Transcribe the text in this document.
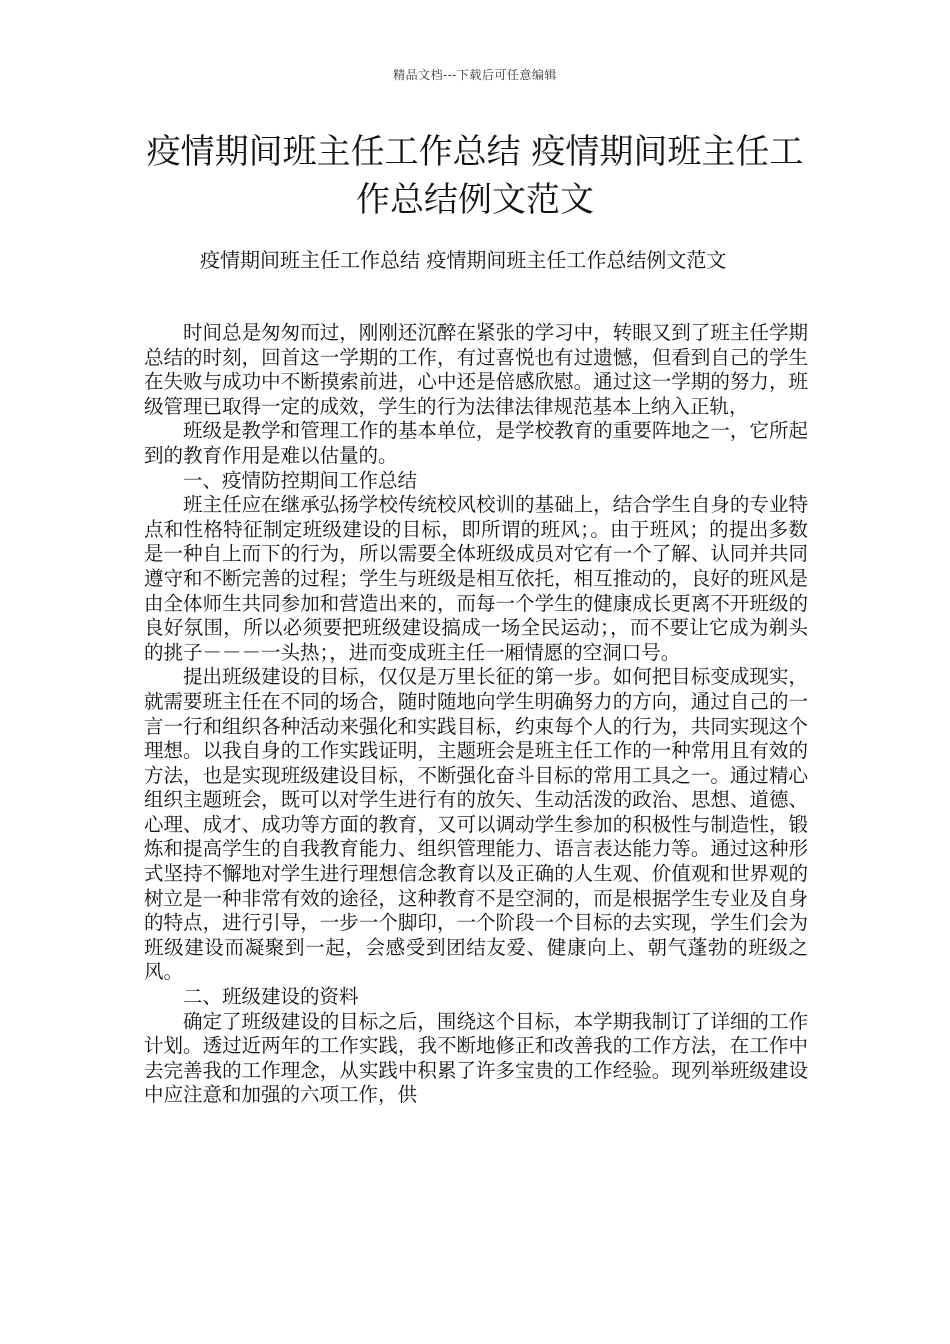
精品文档---下载后可任意编辑
疫情期间班主任工作总结 疫情期间班主任工作总结例文范文

疫情期间班主任工作总结 疫情期间班主任工作总结例文范文

时间总是匆匆而过，刚刚还沉醉在紧张的学习中，转眼又到了班主任学期总结的时刻，回首这一学期的工作，有过喜悦也有过遗憾，但看到自己的学生在失败与成功中不断摸索前进，心中还是倍感欣慰。通过这一学期的努力，班级管理已取得一定的成效，学生的行为法律法律规范基本上纳入正轨，

班级是教学和管理工作的基本单位，是学校教育的重要阵地之一，它所起到的教育作用是难以估量的。

一、疫情防控期间工作总结

班主任应在继承弘扬学校传统校风校训的基础上，结合学生自身的专业特点和性格特征制定班级建设的目标，即所谓的班风；。由于班风；的提出多数是一种自上而下的行为，所以需要全体班级成员对它有一个了解、认同并共同遵守和不断完善的过程；学生与班级是相互依托，相互推动的，良好的班风是由全体师生共同参加和营造出来的，而每一个学生的健康成长更离不开班级的良好氛围，所以必须要把班级建设搞成一场全民运动；，而不要让它成为剃头的挑子－－－一头热；，进而变成班主任一厢情愿的空洞口号。

提出班级建设的目标，仅仅是万里长征的第一步。如何把目标变成现实，就需要班主任在不同的场合，随时随地向学生明确努力的方向，通过自己的一言一行和组织各种活动来强化和实践目标，约束每个人的行为，共同实现这个理想。以我自身的工作实践证明，主题班会是班主任工作的一种常用且有效的方法，也是实现班级建设目标，不断强化奋斗目标的常用工具之一。通过精心组织主题班会，既可以对学生进行有的放矢、生动活泼的政治、思想、道德、心理、成才、成功等方面的教育，又可以调动学生参加的积极性与制造性，锻炼和提高学生的自我教育能力、组织管理能力、语言表达能力等。通过这种形式坚持不懈地对学生进行理想信念教育以及正确的人生观、价值观和世界观的树立是一种非常有效的途径，这种教育不是空洞的，而是根据学生专业及自身的特点，进行引导，一步一个脚印，一个阶段一个目标的去实现，学生们会为班级建设而凝聚到一起，会感受到团结友爱、健康向上、朝气蓬勃的班级之风。

二、班级建设的资料

确定了班级建设的目标之后，围绕这个目标，本学期我制订了详细的工作计划。透过近两年的工作实践，我不断地修正和改善我的工作方法，在工作中去完善我的工作理念，从实践中积累了许多宝贵的工作经验。现列举班级建设中应注意和加强的六项工作，供
